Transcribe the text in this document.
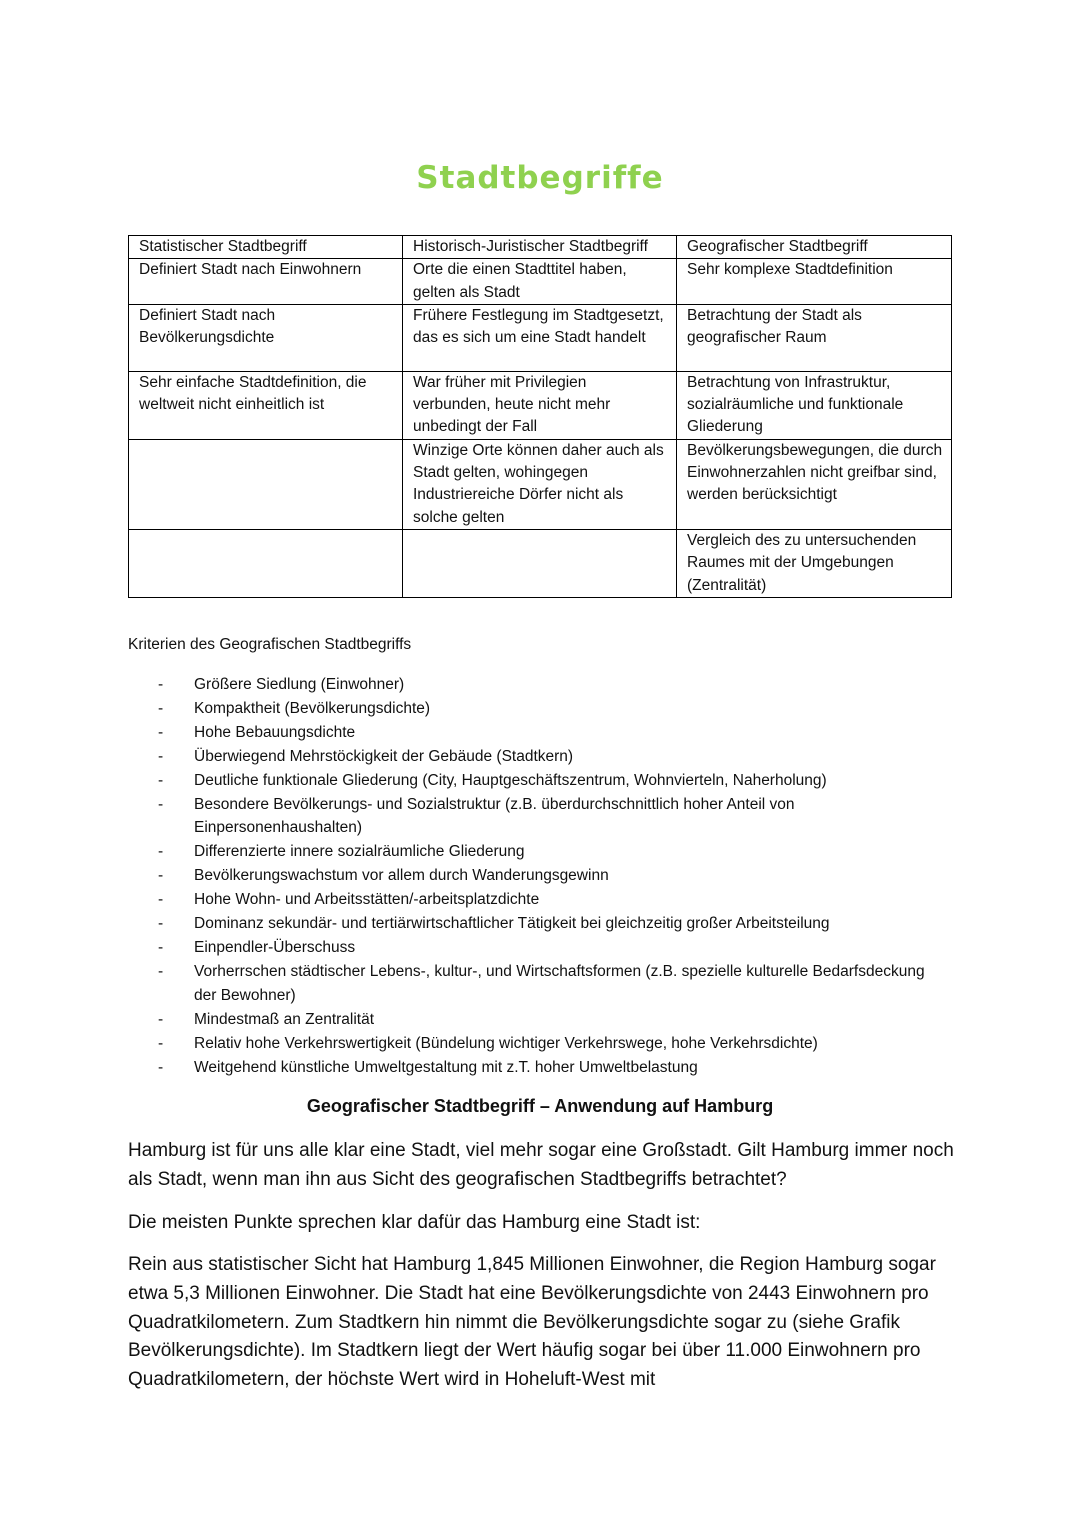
Stadtbegriffe
Statistischer Stadtbegriff	Historisch-Juristischer Stadtbegriff	Geografischer Stadtbegriff
Definiert Stadt nach Einwohnern	Orte die einen Stadttitel haben, gelten als Stadt	Sehr komplexe Stadtdefinition
Definiert Stadt nach Bevölkerungsdichte	Frühere Festlegung im Stadtgesetzt, das es sich um eine Stadt handelt	Betrachtung der Stadt als geografischer Raum
Sehr einfache Stadtdefinition, die weltweit nicht einheitlich ist	War früher mit Privilegien verbunden, heute nicht mehr unbedingt der Fall	Betrachtung von Infrastruktur, sozialräumliche und funktionale Gliederung
	Winzige Orte können daher auch als Stadt gelten, wohingegen Industriereiche Dörfer nicht als solche gelten	Bevölkerungsbewegungen, die durch Einwohnerzahlen nicht greifbar sind, werden berücksichtigt
		Vergleich des zu untersuchenden Raumes mit der Umgebungen (Zentralität)
Kriterien des Geografischen Stadtbegriffs
- Größere Siedlung (Einwohner)
- Kompaktheit (Bevölkerungsdichte)
- Hohe Bebauungsdichte
- Überwiegend Mehrstöckigkeit der Gebäude (Stadtkern)
- Deutliche funktionale Gliederung (City, Hauptgeschäftszentrum, Wohnvierteln, Naherholung)
- Besondere Bevölkerungs- und Sozialstruktur (z.B. überdurchschnittlich hoher Anteil von Einpersonenhaushalten)
- Differenzierte innere sozialräumliche Gliederung
- Bevölkerungswachstum vor allem durch Wanderungsgewinn
- Hohe Wohn- und Arbeitsstätten/-arbeitsplatzdichte
- Dominanz sekundär- und tertiärwirtschaftlicher Tätigkeit bei gleichzeitig großer Arbeitsteilung
- Einpendler-Überschuss
- Vorherrschen städtischer Lebens-, kultur-, und Wirtschaftsformen (z.B. spezielle kulturelle Bedarfsdeckung der Bewohner)
- Mindestmaß an Zentralität
- Relativ hohe Verkehrswertigkeit (Bündelung wichtiger Verkehrswege, hohe Verkehrsdichte)
- Weitgehend künstliche Umweltgestaltung mit z.T. hoher Umweltbelastung
Geografischer Stadtbegriff – Anwendung auf Hamburg

Hamburg ist für uns alle klar eine Stadt, viel mehr sogar eine Großstadt. Gilt Hamburg immer noch als Stadt, wenn man ihn aus Sicht des geografischen Stadtbegriffs betrachtet?

Die meisten Punkte sprechen klar dafür das Hamburg eine Stadt ist:

Rein aus statistischer Sicht hat Hamburg 1,845 Millionen Einwohner, die Region Hamburg sogar etwa 5,3 Millionen Einwohner. Die Stadt hat eine Bevölkerungsdichte von 2443 Einwohnern pro Quadratkilometern. Zum Stadtkern hin nimmt die Bevölkerungsdichte sogar zu (siehe Grafik Bevölkerungsdichte). Im Stadtkern liegt der Wert häufig sogar bei über 11.000 Einwohnern pro Quadratkilometern, der höchste Wert wird in Hoheluft-West mit
